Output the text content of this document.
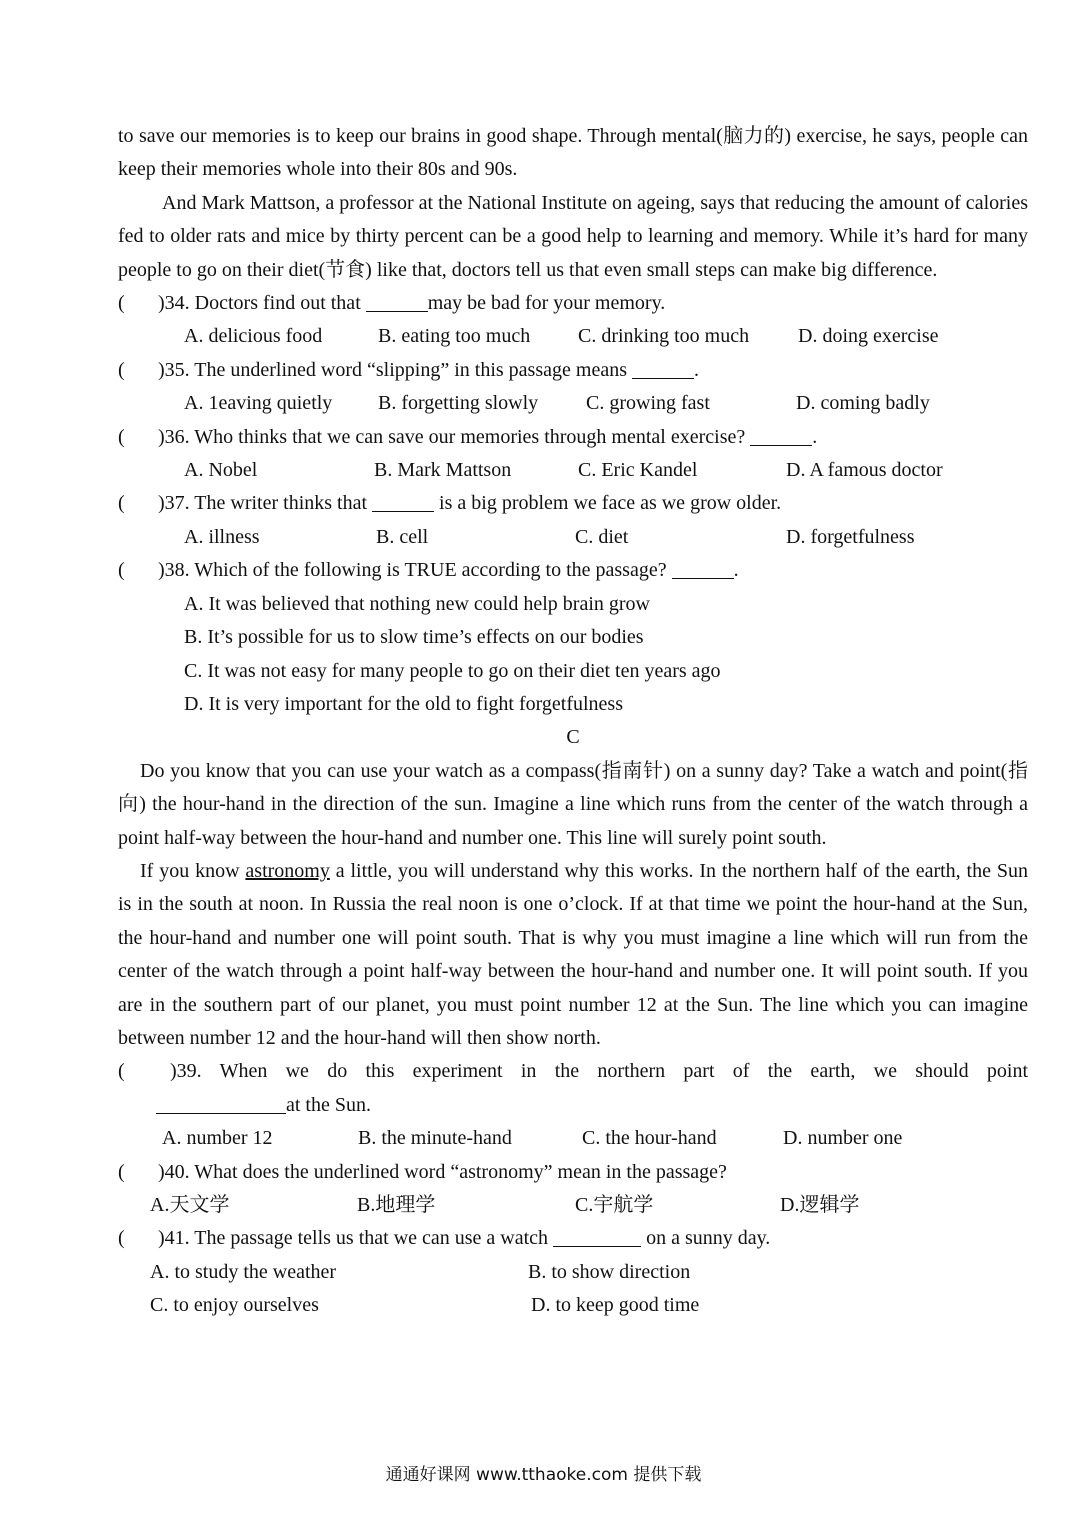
to save our memories is to keep our brains in good shape. Through mental(脑力的) exercise, he says, people can keep their memories whole into their 80s and 90s.

And Mark Mattson, a professor at the National Institute on ageing, says that reducing the amount of calories fed to older rats and mice by thirty percent can be a good help to learning and memory. While it’s hard for many people to go on their diet(节食) like that, doctors tell us that even small steps can make big difference.

(	)34. Doctors find out that	may be bad for your memory.
A. delicious food	B. eating too much	C. drinking too much	D. doing exercise
(	)35. The underlined word “slipping” in this passage means	.
A. 1eaving quietly	B. forgetting slowly	C. growing fast	D. coming badly
(	)36. Who thinks that we can save our memories through mental exercise?	.
A. Nobel	B. Mark Mattson	C. Eric Kandel	D. A famous doctor
(	)37. The writer thinks that	is a big problem we face as we grow older.
A. illness	B. cell	C. diet	D. forgetfulness
(	)38. Which of the following is TRUE according to the passage?	.

A. It was believed that nothing new could help brain grow

B. It’s possible for us to slow time’s effects on our bodies

C. It was not easy for many people to go on their diet ten years ago

D. It is very important for the old to fight forgetfulness

C

Do you know that you can use your watch as a compass(指南针) on a sunny day? Take a watch and point(指向) the hour-hand in the direction of the sun. Imagine a line which runs from the center of the watch through a point half-way between the hour-hand and number one. This line will surely point south.

If you know astronomy a little, you will understand why this works. In the northern half of the earth, the Sun is in the south at noon. In Russia the real noon is one o’clock. If at that time we point the hour-hand at the Sun, the hour-hand and number one will point south. That is why you must imagine a line which will run from the center of the watch through a point half-way between the hour-hand and number one. It will point south. If you are in the southern part of our planet, you must point number 12 at the Sun. The line which you can imagine between number 12 and the hour-hand will then show north.

(	)39. When we do this experiment in the northern part of the earth, we should point

at the Sun.

A. number 12	B. the minute-hand	C. the hour-hand	D. number one
(	)40. What does the underlined word “astronomy” mean in the passage?
A.天文学	B.地理学	C.宇航学	D.逻辑学
(	)41. The passage tells us that we can use a watch	on a sunny day.
A. to study the weather	B. to show direction
C. to enjoy ourselves	D. to keep good time
通通好课网 www.tthaoke.com 提供下载
